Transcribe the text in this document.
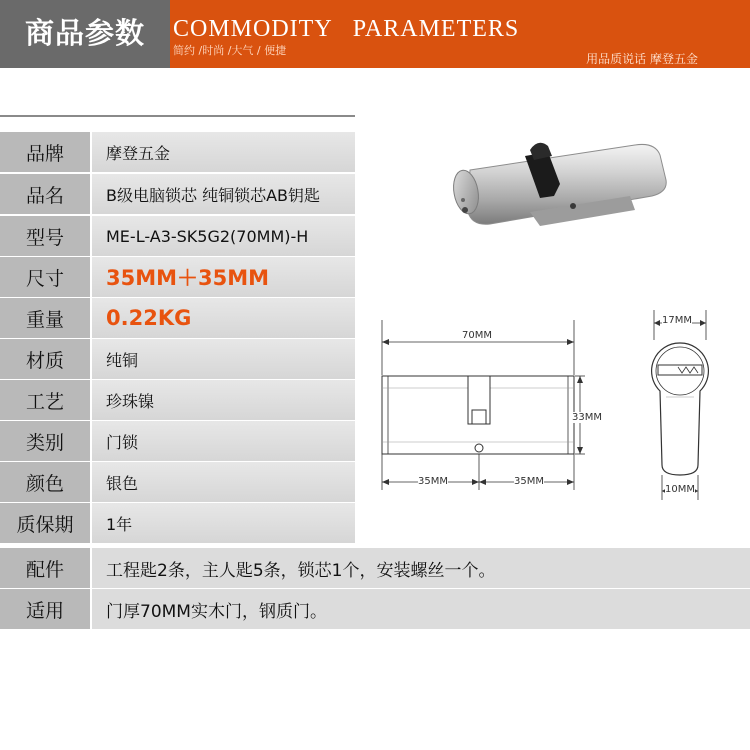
商品参数	COMMODITY   PARAMETERS
简约 /时尚 /大气 / 便捷
用品质说话 摩登五金
品牌	摩登五金
品名	B级电脑锁芯 纯铜锁芯AB钥匙
型号	ME-L-A3-SK5G2(70MM)-H
尺寸	35MM＋35MM
重量	0.22KG
材质	纯铜
工艺	珍珠镍
类别	门锁
颜色	银色
质保期	1年
配件	工程匙2条，主人匙5条，锁芯1个，安装螺丝一个。
适用	门厚70MM实木门，钢质门。
70MM
33MM
35MM	35MM
17MM
10MM
